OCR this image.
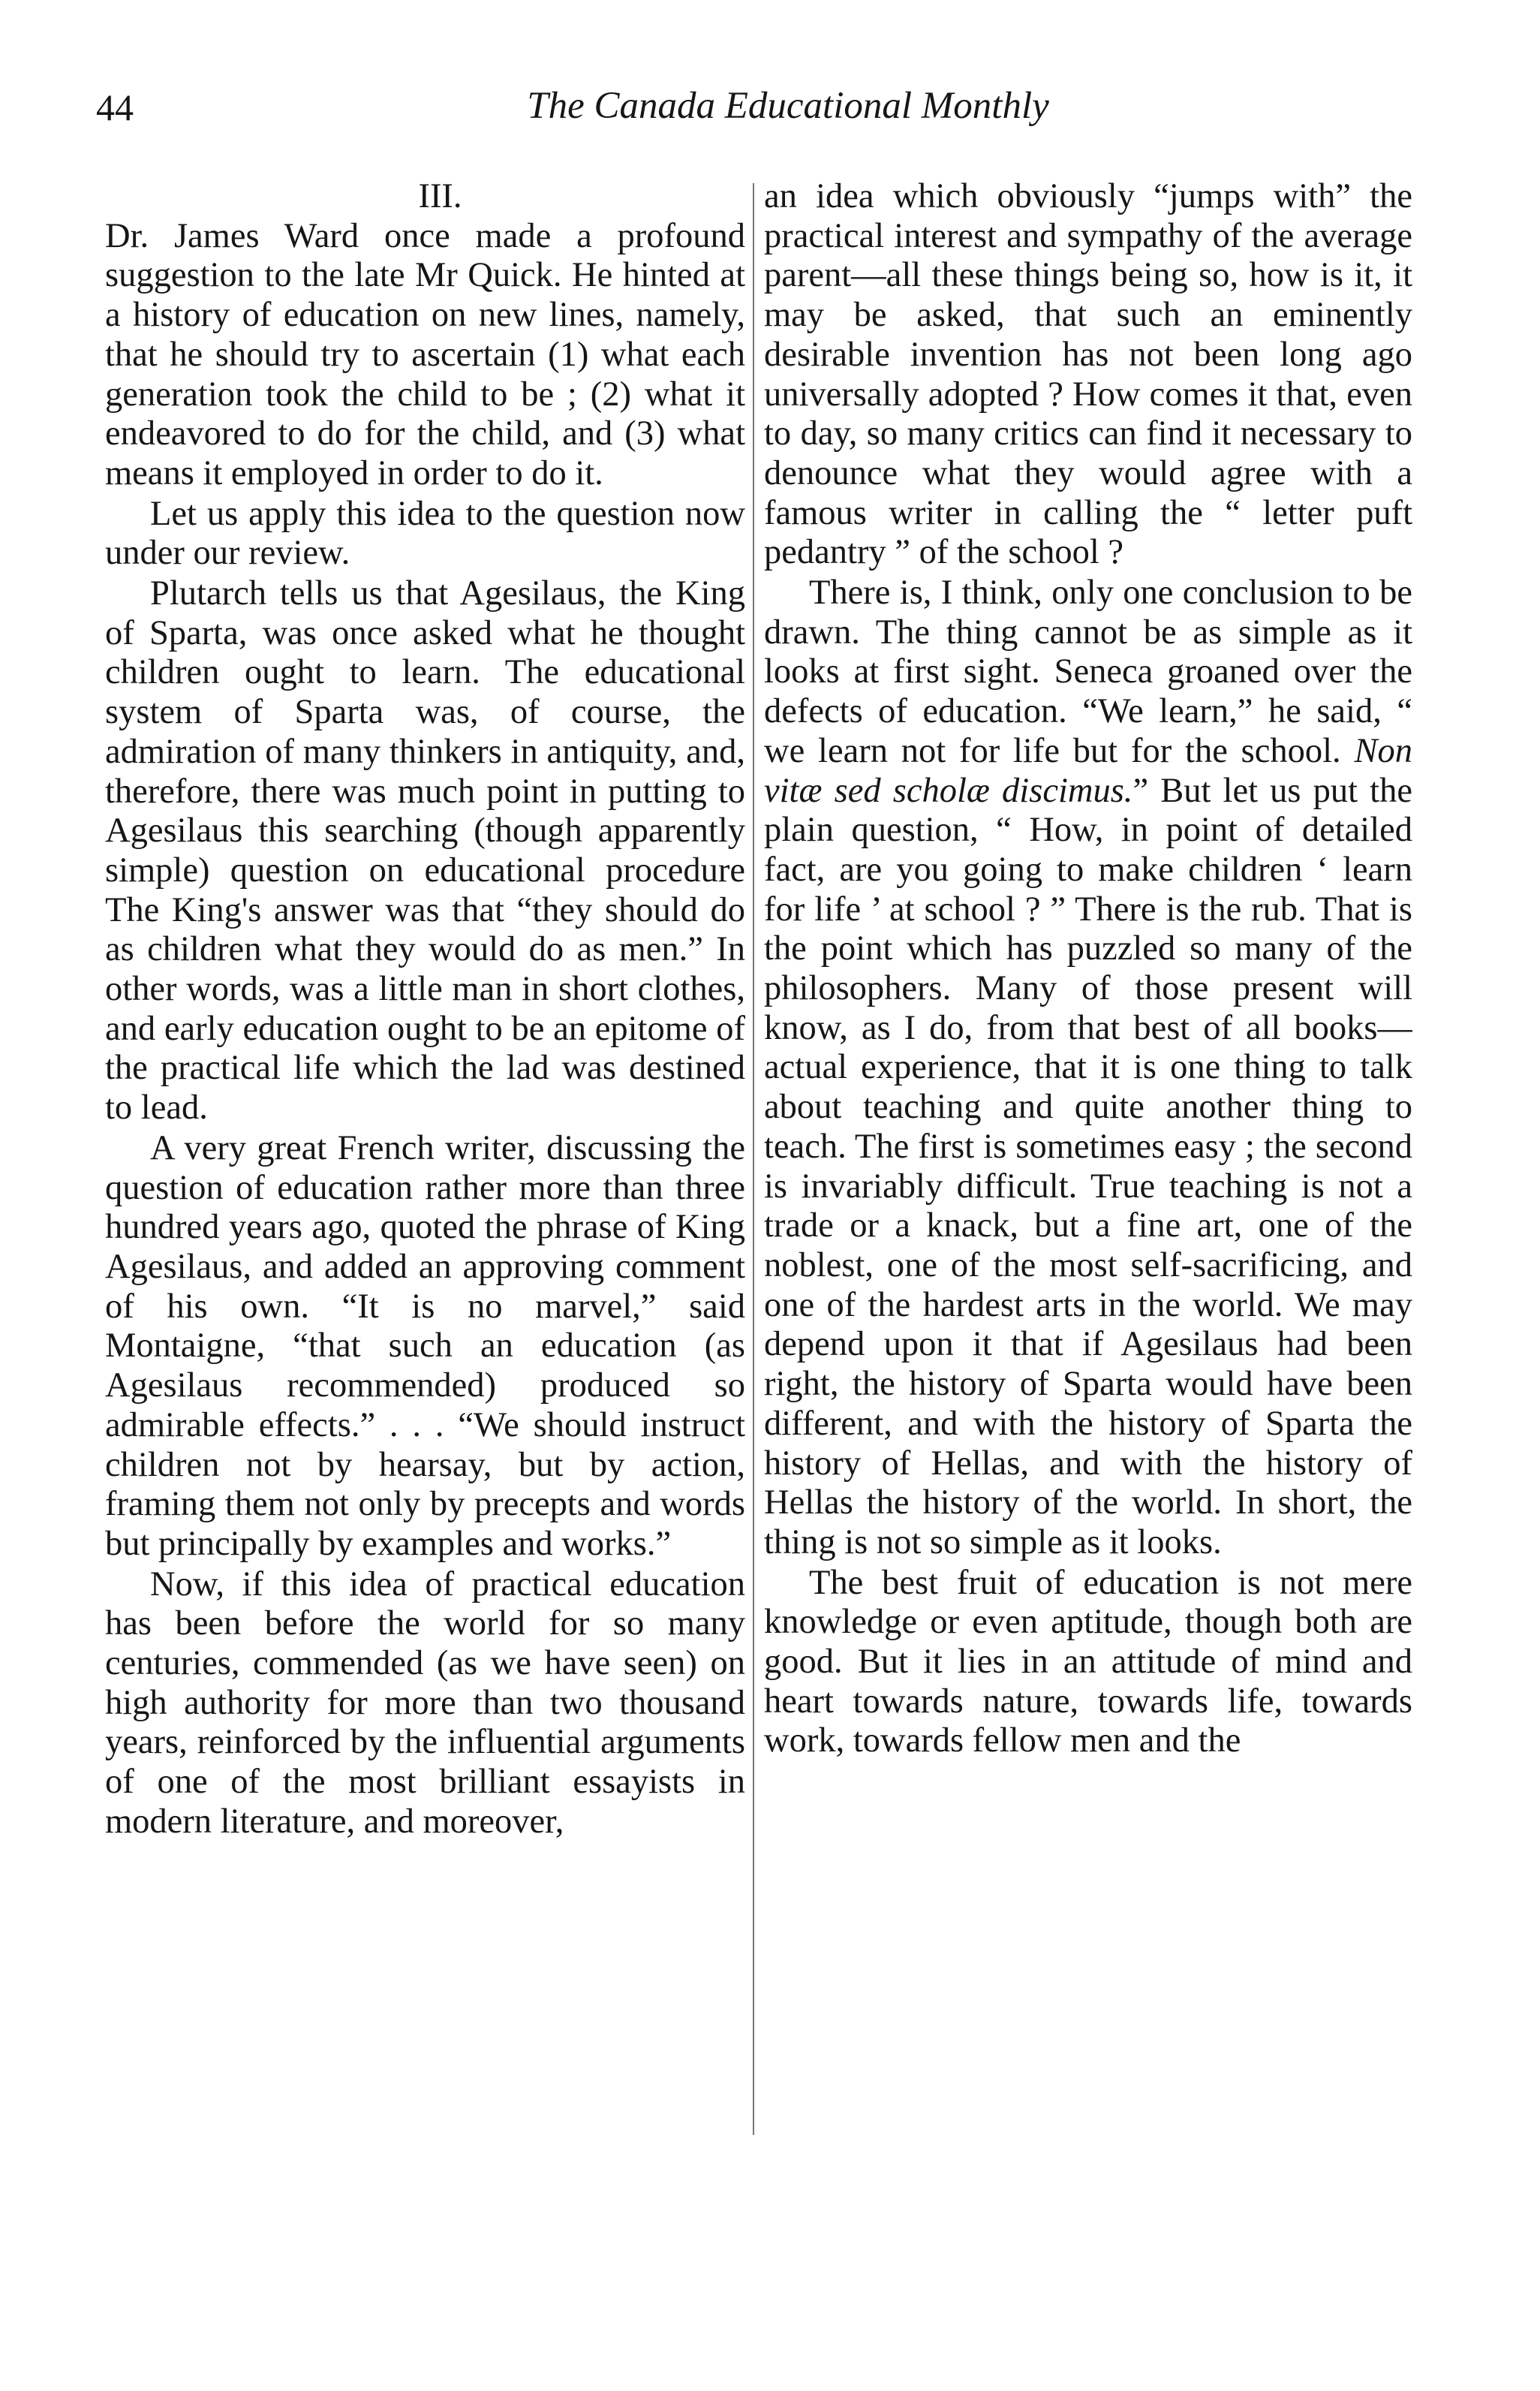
44	The Canada Educational Monthly

III.

Dr. James Ward once made a profound suggestion to the late Mr Quick. He hinted at a history of education on new lines, namely, that he should try to ascertain (1) what each generation took the child to be ; (2) what it endeavored to do for the child, and (3) what means it employed in order to do it.

Let us apply this idea to the question now under our review.

Plutarch tells us that Agesilaus, the King of Sparta, was once asked what he thought children ought to learn. The educational system of Sparta was, of course, the admiration of many thinkers in antiquity, and, therefore, there was much point in putting to Agesilaus this searching (though apparently simple) question on educational procedure The King's answer was that “they should do as children what they would do as men.” In other words, was a little man in short clothes, and early education ought to be an epitome of the practical life which the lad was destined to lead.

A very great French writer, discussing the question of education rather more than three hundred years ago, quoted the phrase of King Agesilaus, and added an approving comment of his own. “It is no marvel,” said Montaigne, “that such an education (as Agesilaus recommended) produced so admirable effects.” . . . “We should instruct children not by hearsay, but by action, framing them not only by precepts and words but principally by examples and works.”

Now, if this idea of practical education has been before the world for so many centuries, commended (as we have seen) on high authority for more than two thousand years, reinforced by the influential arguments of one of the most brilliant essayists in modern literature, and moreover,

an idea which obviously “jumps with” the practical interest and sympathy of the average parent—all these things being so, how is it, it may be asked, that such an eminently desirable invention has not been long ago universally adopted ? How comes it that, even to day, so many critics can find it necessary to denounce what they would agree with a famous writer in calling the “ letter puft pedantry ” of the school ?

There is, I think, only one conclusion to be drawn. The thing cannot be as simple as it looks at first sight. Seneca groaned over the defects of education. “We learn,” he said, “ we learn not for life but for the school. Non vitæ sed scholæ discimus.” But let us put the plain question, “ How, in point of detailed fact, are you going to make children ‘ learn for life ’ at school ? ” There is the rub. That is the point which has puzzled so many of the philosophers. Many of those present will know, as I do, from that best of all books—actual experience, that it is one thing to talk about teaching and quite another thing to teach. The first is sometimes easy ; the second is invariably difficult. True teaching is not a trade or a knack, but a fine art, one of the noblest, one of the most self-sacrificing, and one of the hardest arts in the world. We may depend upon it that if Agesilaus had been right, the history of Sparta would have been different, and with the history of Sparta the history of Hellas, and with the history of Hellas the history of the world. In short, the thing is not so simple as it looks.

The best fruit of education is not mere knowledge or even aptitude, though both are good. But it lies in an attitude of mind and heart towards nature, towards life, towards work, towards fellow men and the
